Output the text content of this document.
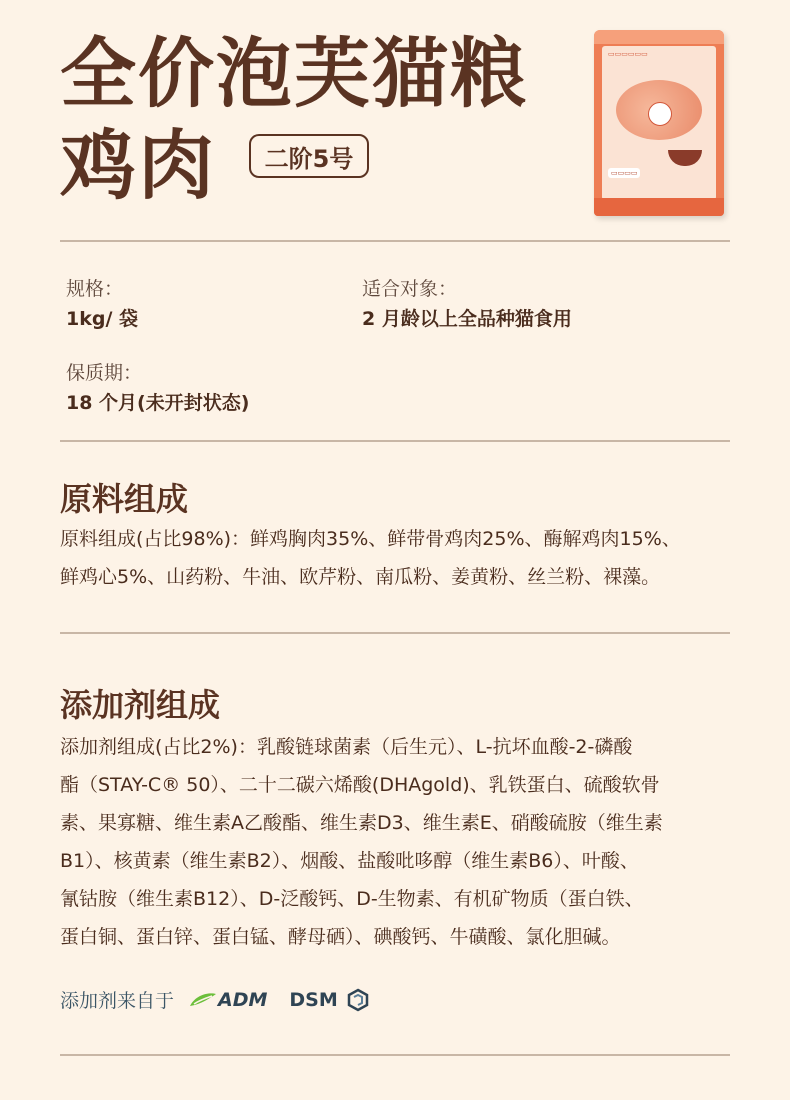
全价泡芙猫粮
鸡肉	二阶5号
▭▭▭▭▭▭
▭▭▭▭
规格：
1kg/ 袋
适合对象：
2 月龄以上全品种猫食用
保质期：
18 个月(未开封状态)
原料组成
原料组成(占比98%)：鲜鸡胸肉35%、鲜带骨鸡肉25%、酶解鸡肉15%、
鲜鸡心5%、山药粉、牛油、欧芹粉、南瓜粉、姜黄粉、丝兰粉、裸藻。
添加剂组成
添加剂组成(占比2%)：乳酸链球菌素（后生元）、L-抗坏血酸-2-磷酸
酯（STAY-C® 50）、二十二碳六烯酸(DHAgold)、乳铁蛋白、硫酸软骨
素、果寡糖、维生素A乙酸酯、维生素D3、维生素E、硝酸硫胺（维生素
B1）、核黄素（维生素B2）、烟酸、盐酸吡哆醇（维生素B6）、叶酸、
氰钴胺（维生素B12）、D-泛酸钙、D-生物素、有机矿物质（蛋白铁、
蛋白铜、蛋白锌、蛋白锰、酵母硒）、碘酸钙、牛磺酸、氯化胆碱。
添加剂来自于 ADM DSM
